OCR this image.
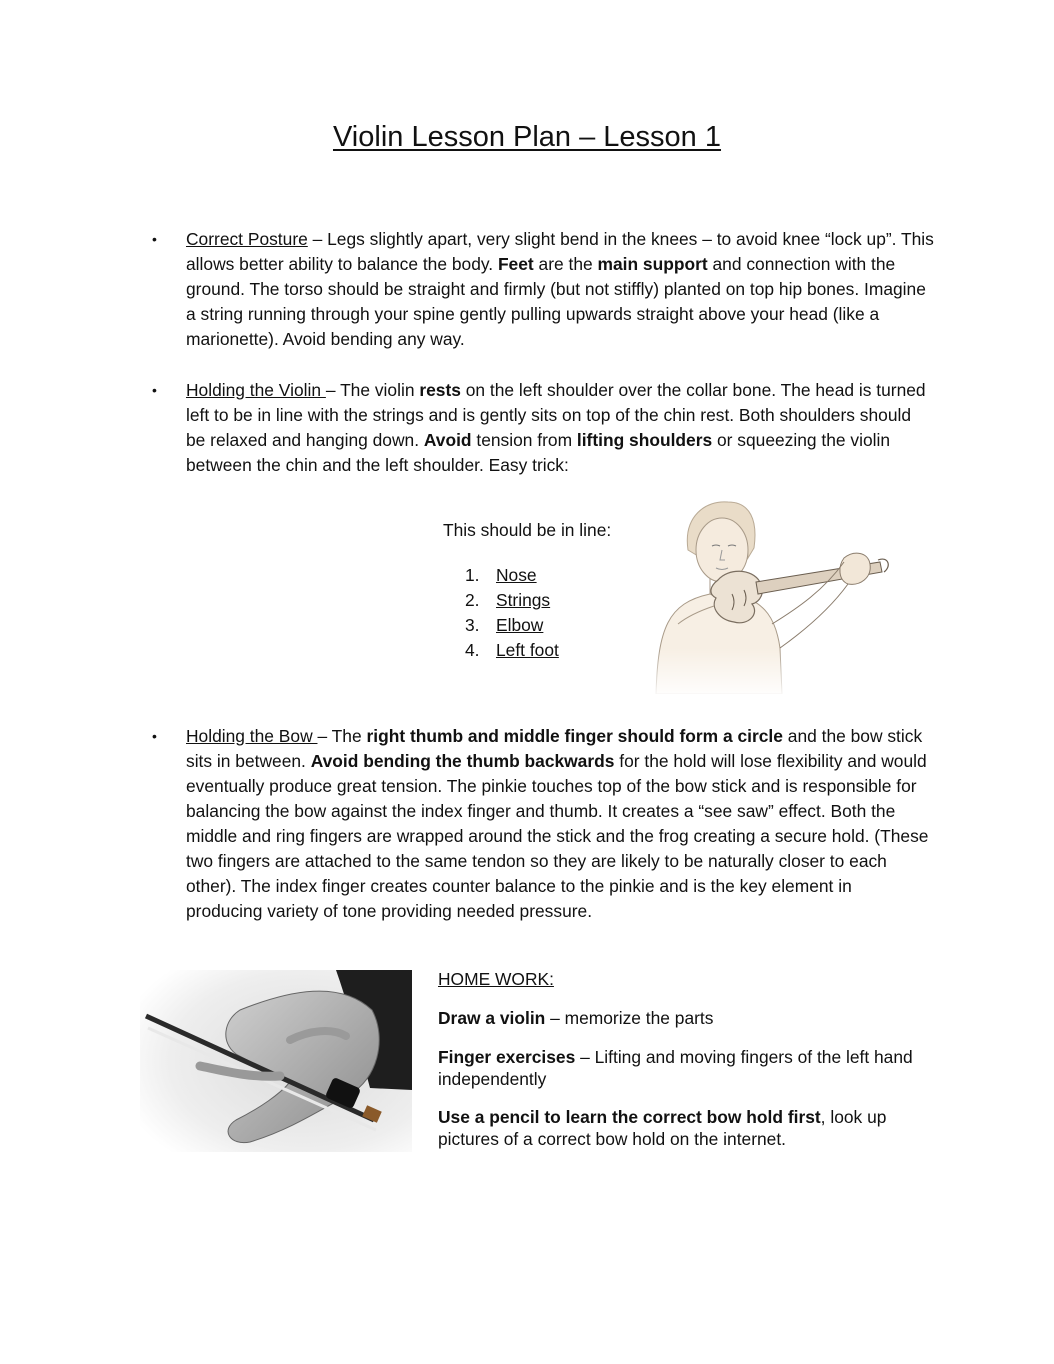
Violin Lesson Plan – Lesson 1
• Correct Posture – Legs slightly apart, very slight bend in the knees – to avoid knee “lock up”. This allows better ability to balance the body. Feet are the main support and connection with the ground. The torso should be straight and firmly (but not stiffly) planted on top hip bones. Imagine a string running through your spine gently pulling upwards straight above your head (like a marionette). Avoid bending any way.
• Holding the Violin – The violin rests on the left shoulder over the collar bone. The head is turned left to be in line with the strings and is gently sits on top of the chin rest. Both shoulders should be relaxed and hanging down. Avoid tension from lifting shoulders or squeezing the violin between the chin and the left shoulder. Easy trick:
This should be in line:
1. Nose
2. Strings
3. Elbow
4. Left foot
• Holding the Bow – The right thumb and middle finger should form a circle and the bow stick sits in between. Avoid bending the thumb backwards for the hold will lose flexibility and would eventually produce great tension. The pinkie touches top of the bow stick and is responsible for balancing the bow against the index finger and thumb. It creates a “see saw” effect. Both the middle and ring fingers are wrapped around the stick and the frog creating a secure hold. (These two fingers are attached to the same tendon so they are likely to be naturally closer to each other). The index finger creates counter balance to the pinkie and is the key element in producing variety of tone providing needed pressure.
HOME WORK:
Draw a violin – memorize the parts
Finger exercises – Lifting and moving fingers of the left hand independently
Use a pencil to learn the correct bow hold first, look up pictures of a correct bow hold on the internet.
